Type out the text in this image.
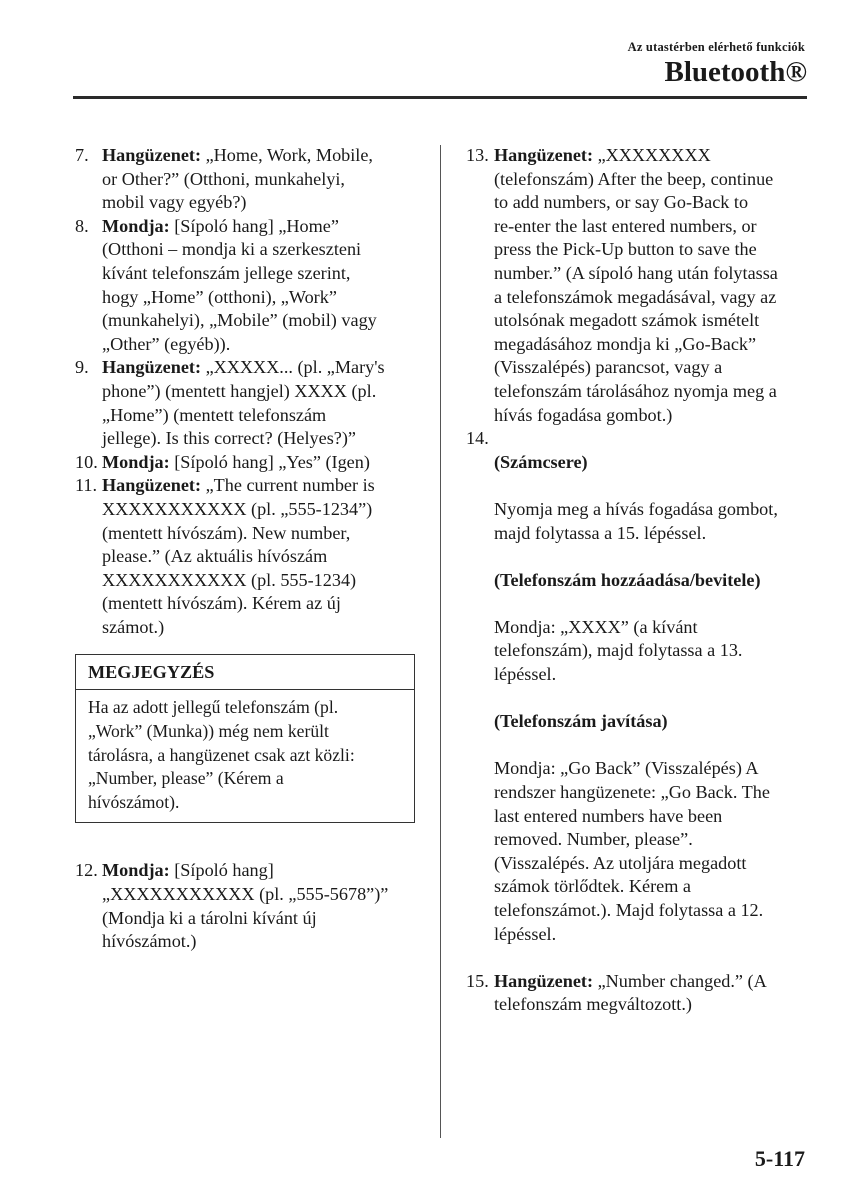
Az utastérben elérhető funkciók
Bluetooth®
7. Hangüzenet: „Home, Work, Mobile,
or Other?” (Otthoni, munkahelyi,
mobil vagy egyéb?)
8. Mondja: [Sípoló hang] „Home”
(Otthoni – mondja ki a szerkeszteni
kívánt telefonszám jellege szerint,
hogy „Home” (otthoni), „Work”
(munkahelyi), „Mobile” (mobil) vagy
„Other” (egyéb)).
9. Hangüzenet: „XXXXX... (pl. „Mary's
phone”) (mentett hangjel) XXXX (pl.
„Home”) (mentett telefonszám
jellege). Is this correct? (Helyes?)”
10. Mondja: [Sípoló hang] „Yes” (Igen)
11. Hangüzenet: „The current number is
XXXXXXXXXXX (pl. „555-1234”)
(mentett hívószám). New number,
please.” (Az aktuális hívószám
XXXXXXXXXXX (pl. 555-1234)
(mentett hívószám). Kérem az új
számot.)
MEGJEGYZÉS
Ha az adott jellegű telefonszám (pl.
„Work” (Munka)) még nem került
tárolásra, a hangüzenet csak azt közli:
„Number, please” (Kérem a
hívószámot).
12. Mondja: [Sípoló hang]
„XXXXXXXXXXX (pl. „555-5678”)”
(Mondja ki a tárolni kívánt új
hívószámot.)
13. Hangüzenet: „XXXXXXXX
(telefonszám) After the beep, continue
to add numbers, or say Go-Back to
re-enter the last entered numbers, or
press the Pick-Up button to save the
number.” (A sípoló hang után folytassa
a telefonszámok megadásával, vagy az
utolsónak megadott számok ismételt
megadásához mondja ki „Go-Back”
(Visszalépés) parancsot, vagy a
telefonszám tárolásához nyomja meg a
hívás fogadása gombot.)
14.

(Számcsere)

Nyomja meg a hívás fogadása gombot,
majd folytassa a 15. lépéssel.

(Telefonszám hozzáadása/bevitele)

Mondja: „XXXX” (a kívánt
telefonszám), majd folytassa a 13.
lépéssel.

(Telefonszám javítása)

Mondja: „Go Back” (Visszalépés) A
rendszer hangüzenete: „Go Back. The
last entered numbers have been
removed. Number, please”.
(Visszalépés. Az utoljára megadott
számok törlődtek. Kérem a
telefonszámot.). Majd folytassa a 12.
lépéssel.

15. Hangüzenet: „Number changed.” (A
telefonszám megváltozott.)
5-117
